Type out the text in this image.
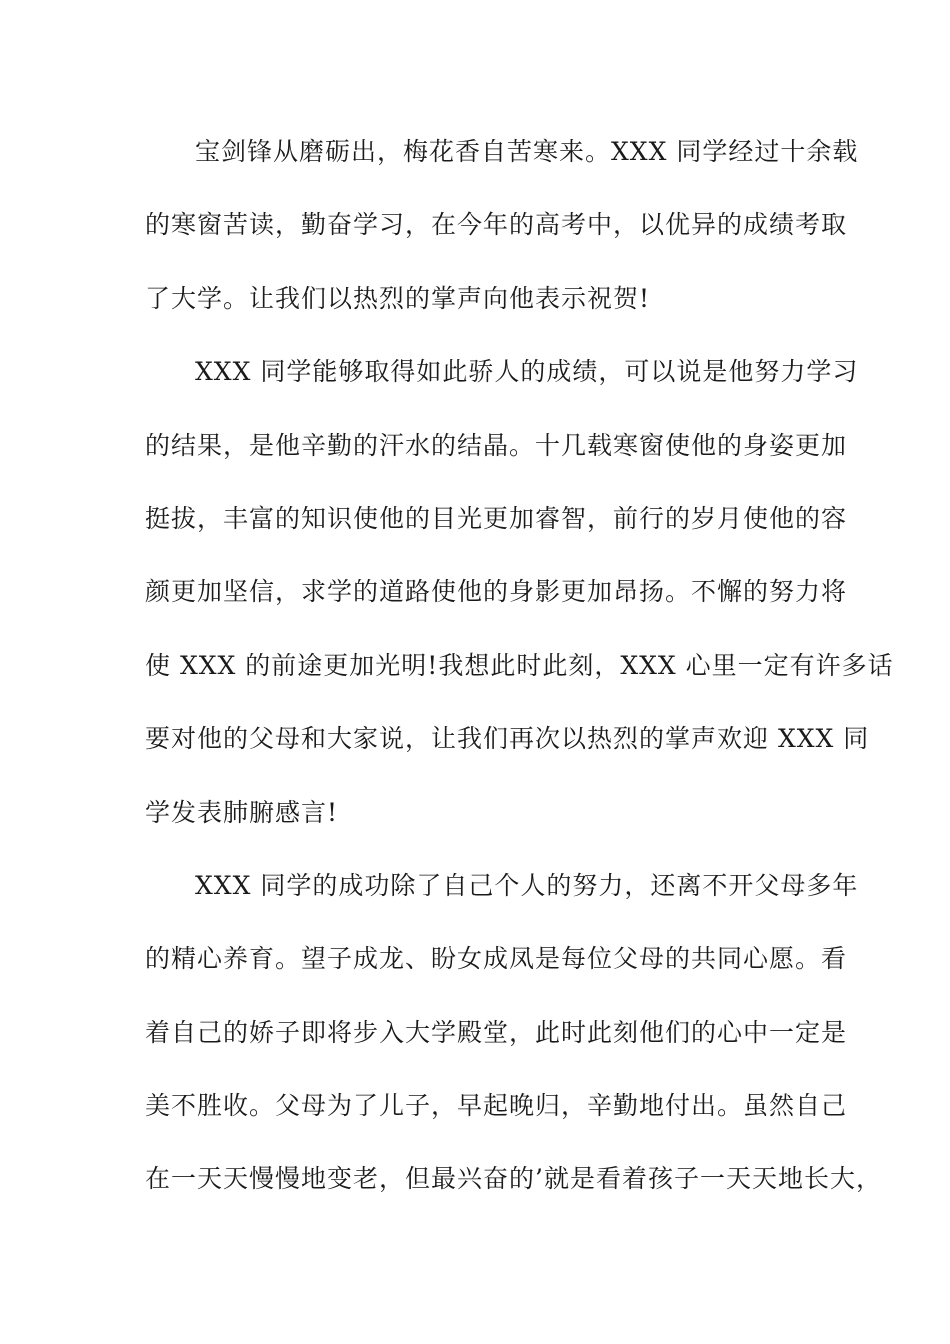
宝剑锋从磨砺出，梅花香自苦寒来。XXX 同学经过十余载
的寒窗苦读，勤奋学习，在今年的高考中，以优异的成绩考取
了大学。让我们以热烈的掌声向他表示祝贺!
XXX 同学能够取得如此骄人的成绩，可以说是他努力学习
的结果，是他辛勤的汗水的结晶。十几载寒窗使他的身姿更加
挺拔，丰富的知识使他的目光更加睿智，前行的岁月使他的容
颜更加坚信，求学的道路使他的身影更加昂扬。不懈的努力将
使 XXX 的前途更加光明!我想此时此刻，XXX 心里一定有许多话
要对他的父母和大家说，让我们再次以热烈的掌声欢迎 XXX 同
学发表肺腑感言!
XXX 同学的成功除了自己个人的努力，还离不开父母多年
的精心养育。望子成龙、盼女成凤是每位父母的共同心愿。看
着自己的娇子即将步入大学殿堂，此时此刻他们的心中一定是
美不胜收。父母为了儿子，早起晚归，辛勤地付出。虽然自己
在一天天慢慢地变老，但最兴奋的’就是看着孩子一天天地长大，
